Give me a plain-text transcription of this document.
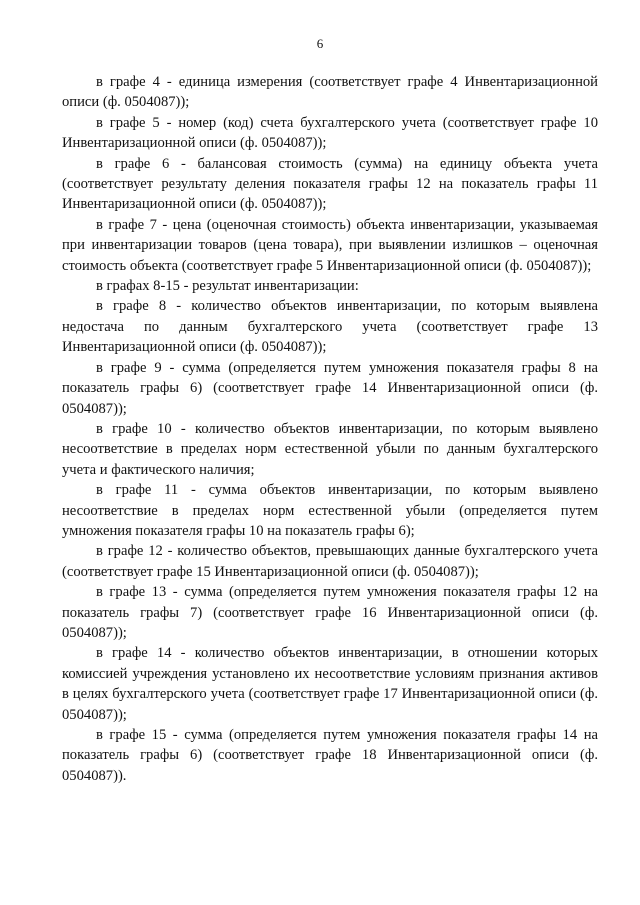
6

в графе 4 - единица измерения (соответствует графе 4 Инвентаризационной описи (ф. 0504087));

в графе 5 - номер (код) счета бухгалтерского учета (соответствует графе 10 Инвентаризационной описи (ф. 0504087));

в графе 6 - балансовая стоимость (сумма) на единицу объекта учета (соответствует результату деления показателя графы 12 на показатель графы 11 Инвентаризационной описи (ф. 0504087));

в графе 7 - цена (оценочная стоимость) объекта инвентаризации, указываемая при инвентаризации товаров (цена товара), при выявлении излишков – оценочная стоимость объекта (соответствует графе 5 Инвентаризационной описи (ф. 0504087));

в графах 8-15 - результат инвентаризации:

в графе 8 - количество объектов инвентаризации, по которым выявлена недостача по данным бухгалтерского учета (соответствует графе 13 Инвентаризационной описи (ф. 0504087));

в графе 9 - сумма (определяется путем умножения показателя графы 8 на показатель графы 6) (соответствует графе 14 Инвентаризационной описи (ф. 0504087));

в графе 10 - количество объектов инвентаризации, по которым выявлено несоответствие в пределах норм естественной убыли по данным бухгалтерского учета и фактического наличия;

в графе 11 - сумма объектов инвентаризации, по которым выявлено несоответствие в пределах норм естественной убыли (определяется путем умножения показателя графы 10 на показатель графы 6);

в графе 12 - количество объектов, превышающих данные бухгалтерского учета (соответствует графе 15 Инвентаризационной описи (ф. 0504087));

в графе 13 - сумма (определяется путем умножения показателя графы 12 на показатель графы 7) (соответствует графе 16 Инвентаризационной описи (ф. 0504087));

в графе 14 - количество объектов инвентаризации, в отношении которых комиссией учреждения установлено их несоответствие условиям признания активов в целях бухгалтерского учета (соответствует графе 17 Инвентаризационной описи (ф. 0504087));

в графе 15 - сумма (определяется путем умножения показателя графы 14 на показатель графы 6) (соответствует графе 18 Инвентаризационной описи (ф. 0504087)).
